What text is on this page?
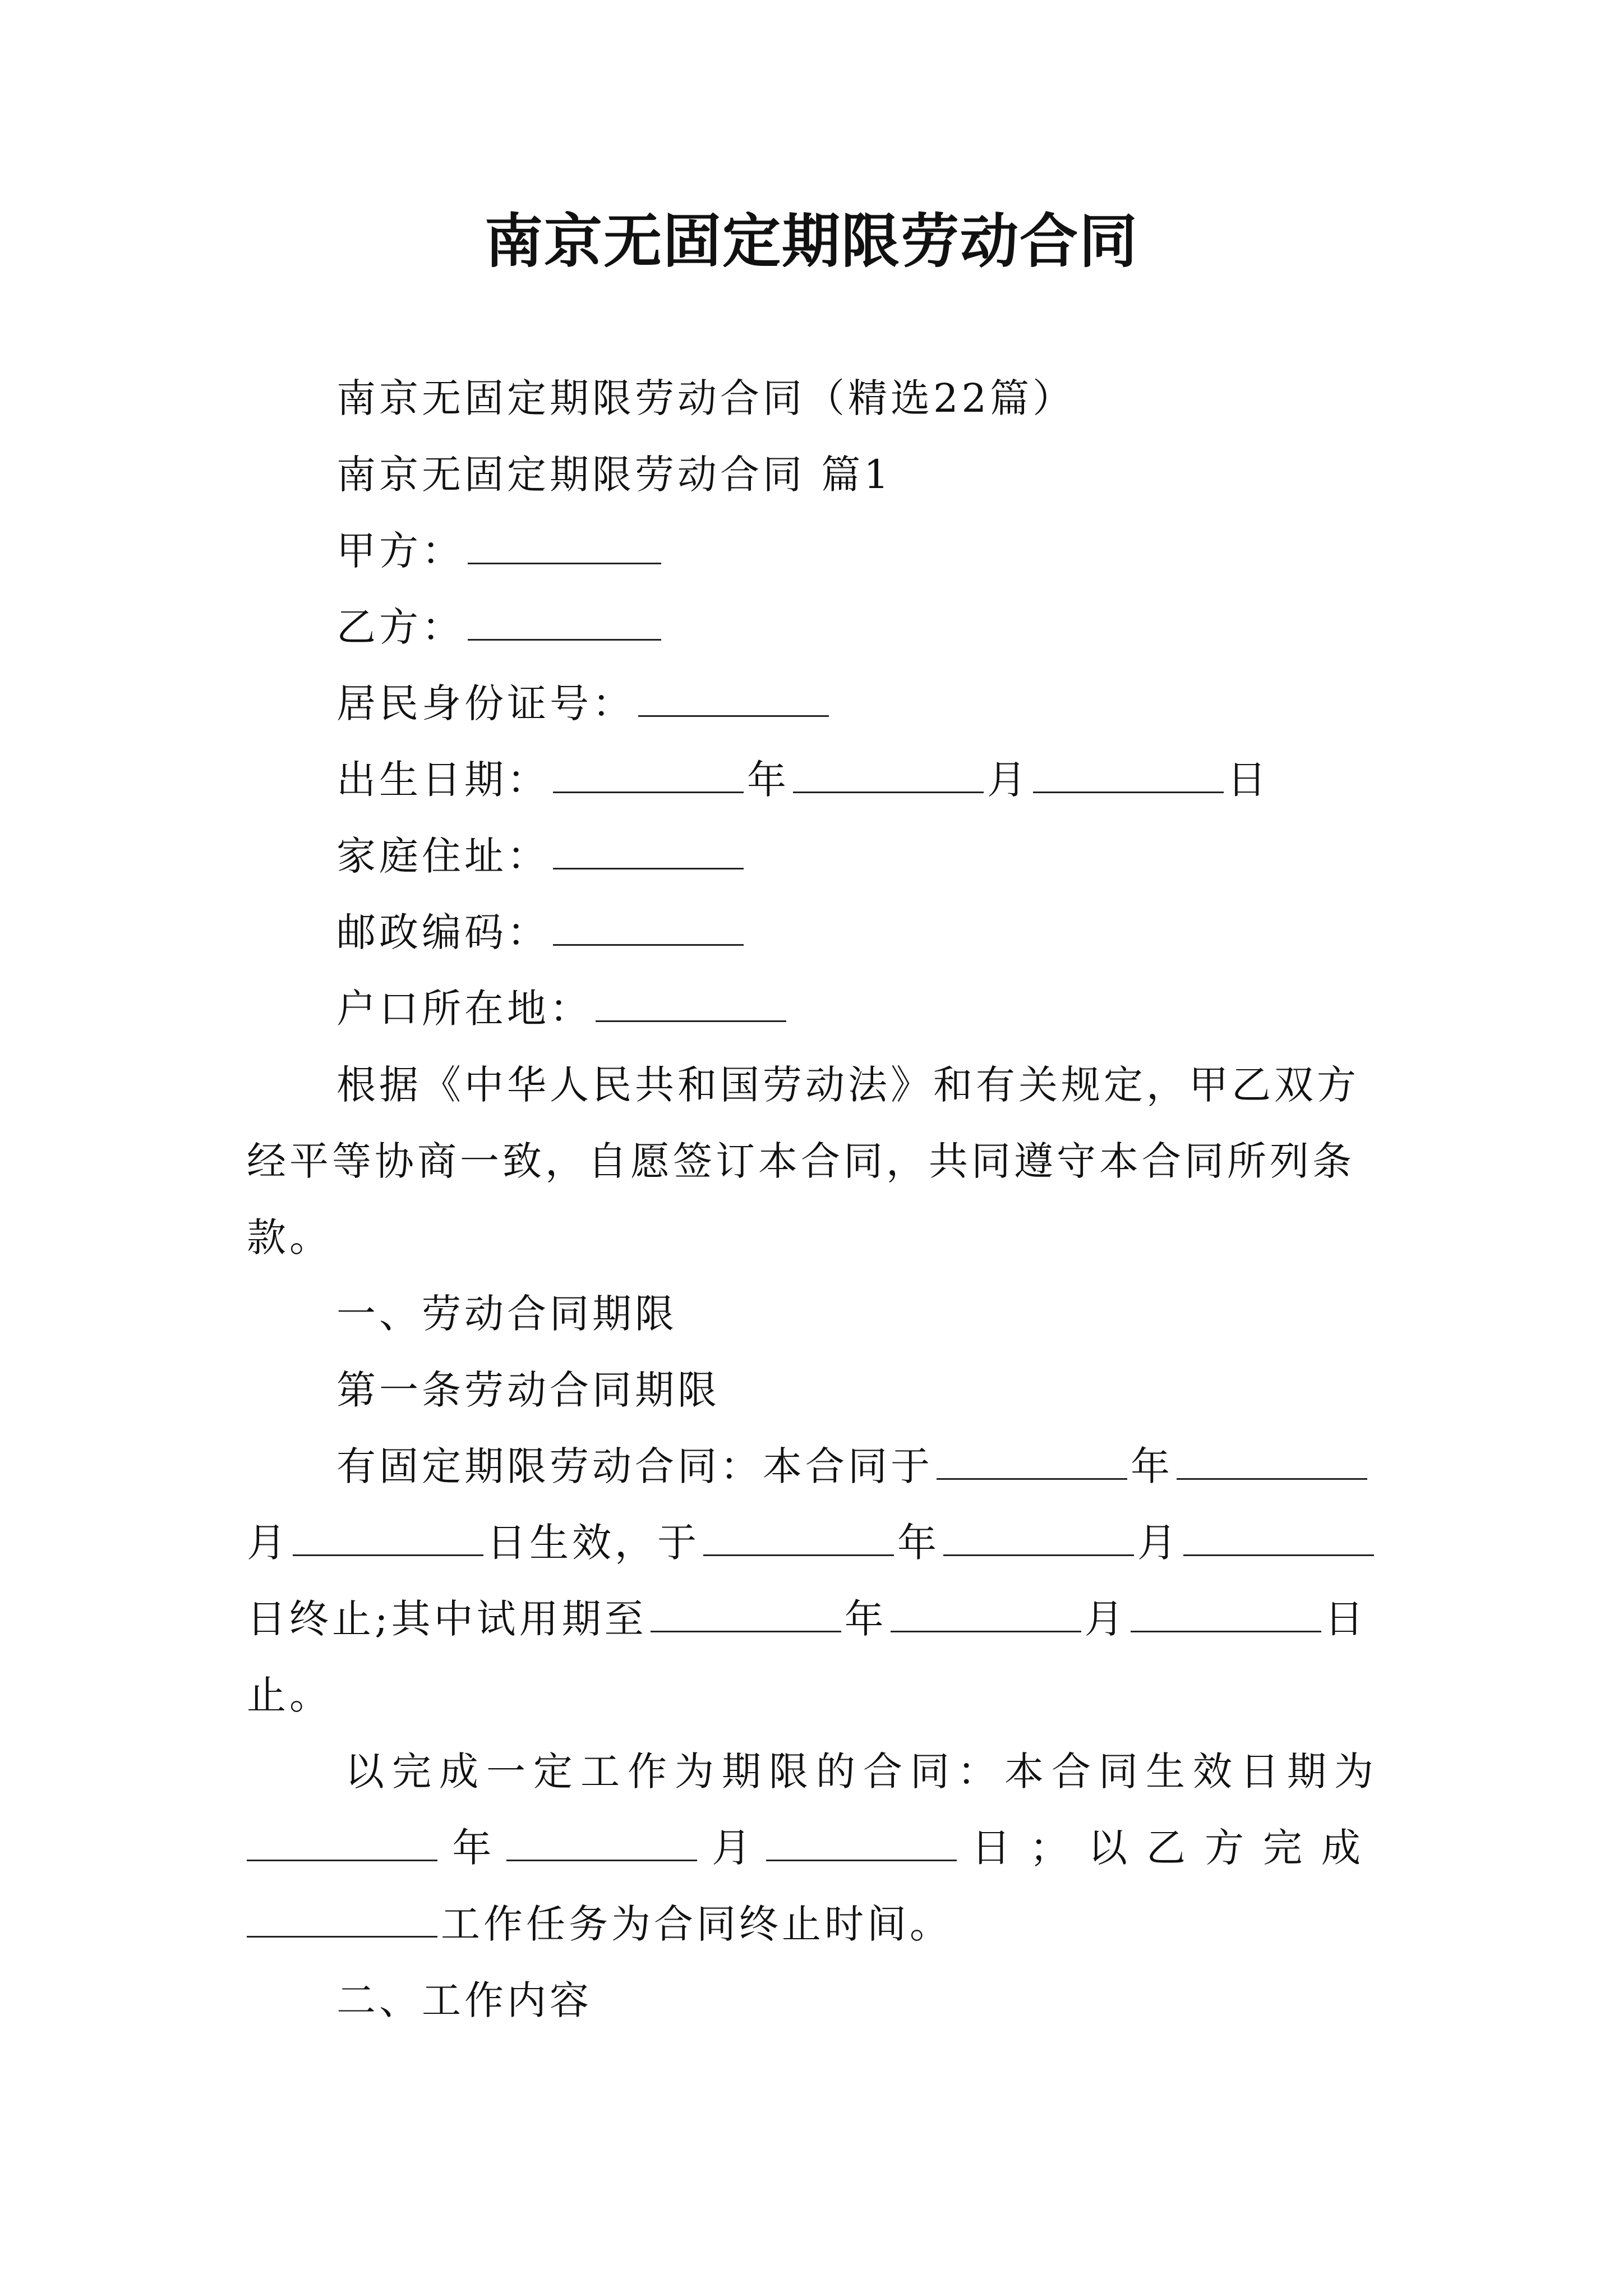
南京无固定期限劳动合同
南京无固定期限劳动合同（精选22篇）
南京无固定期限劳动合同 篇1
甲方：
乙方：
居民身份证号：
出生日期：	年	月	日
家庭住址：
邮政编码：
户口所在地：
根据《中华人民共和国劳动法》和有关规定，甲乙双方
经平等协商一致，自愿签订本合同，共同遵守本合同所列条
款。
一、劳动合同期限
第一条劳动合同期限
有固定期限劳动合同：本合同于	年
月	日生效，于	年	月
日终止;其中试用期至	年	月	日
止。
以完成一定工作为期限的合同：本合同生效日期为
年	月	日；以乙方完成
工作任务为合同终止时间。
二、工作内容
